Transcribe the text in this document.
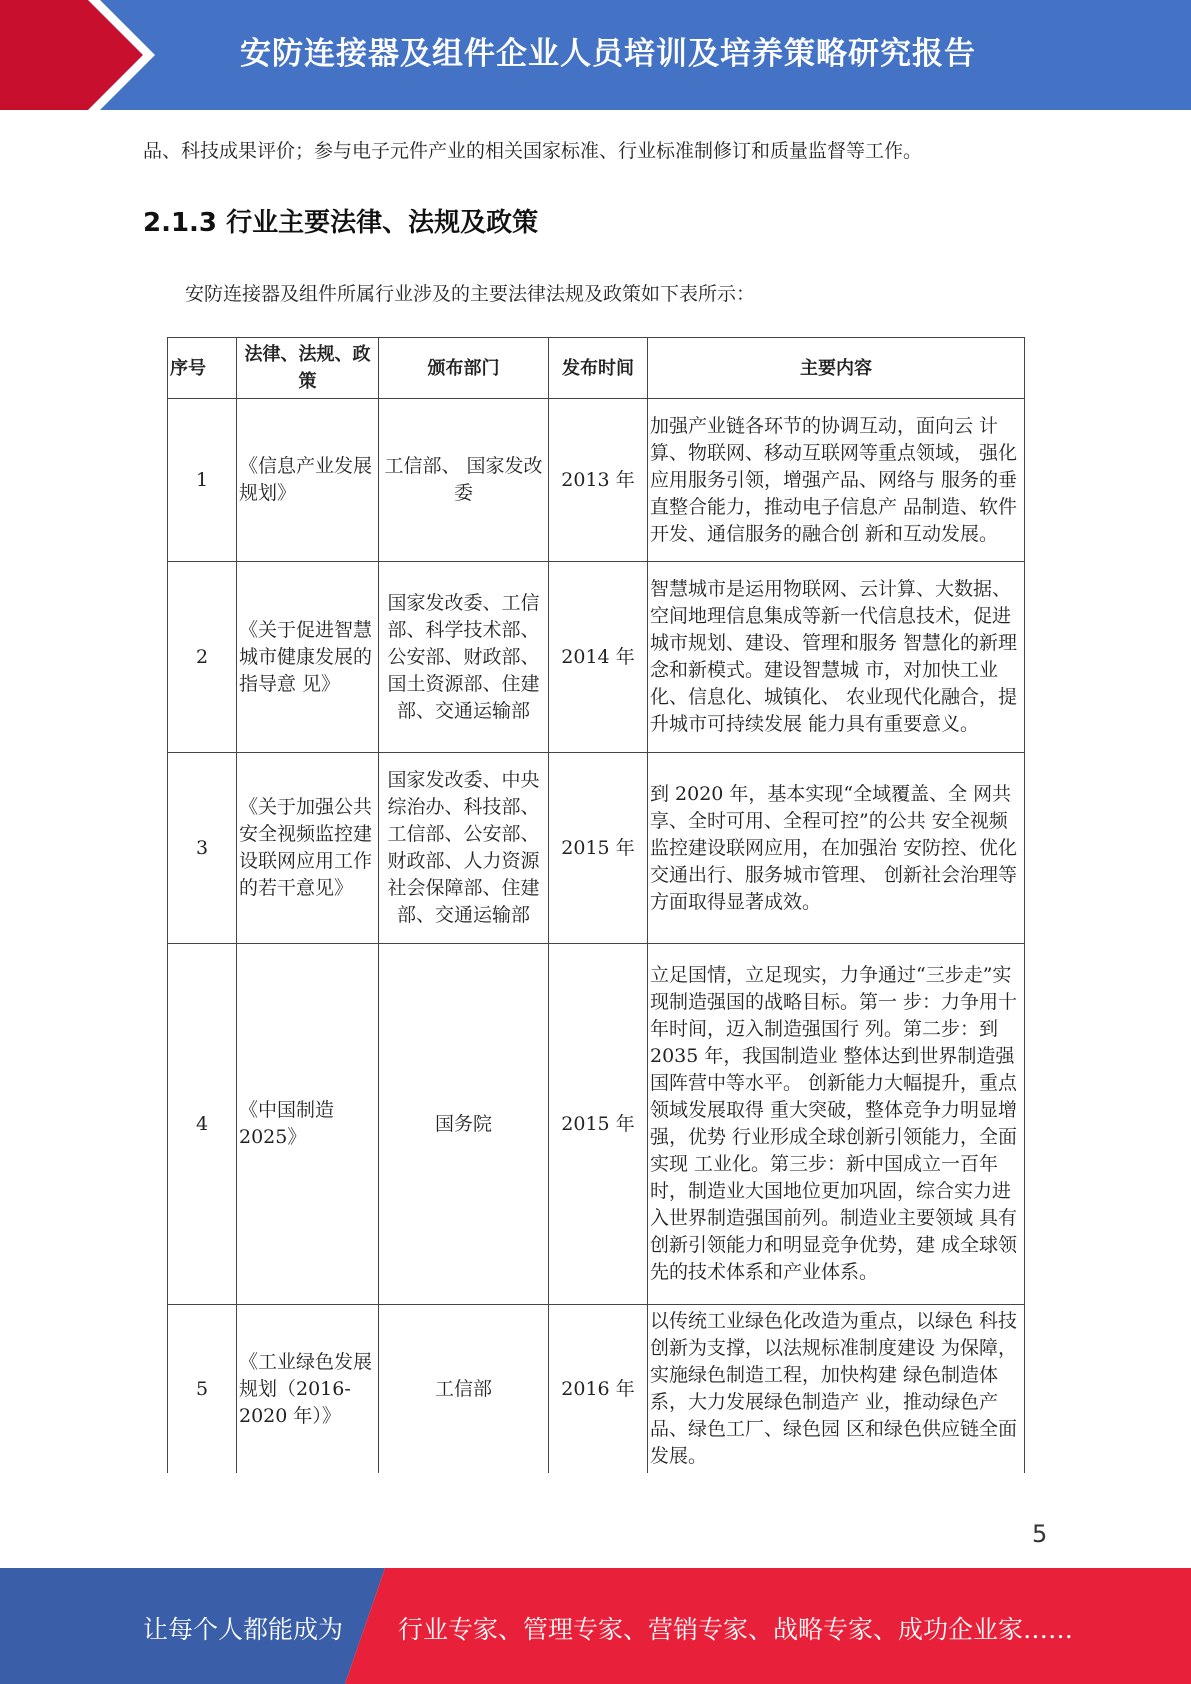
安防连接器及组件企业人员培训及培养策略研究报告
品、科技成果评价；参与电子元件产业的相关国家标准、行业标准制修订和质量监督等工作。
2.1.3 行业主要法律、法规及政策
安防连接器及组件所属行业涉及的主要法律法规及政策如下表所示：
序号	法律、法规、政策	颁布部门	发布时间	主要内容
1	《信息产业发展规划》	工信部、 国家发改委	2013 年	加强产业链各环节的协调互动，面向云 计算、物联网、移动互联网等重点领域， 强化应用服务引领，增强产品、网络与 服务的垂直整合能力，推动电子信息产 品制造、软件开发、通信服务的融合创 新和互动发展。
2	《关于促进智慧城市健康发展的指导意 见》	国家发改委、工信部、科学技术部、公安部、财政部、国土资源部、住建部、交通运输部	2014 年	智慧城市是运用物联网、云计算、大数据、空间地理信息集成等新一代信息技术，促进城市规划、建设、管理和服务 智慧化的新理念和新模式。建设智慧城 市，对加快工业化、信息化、城镇化、 农业现代化融合，提升城市可持续发展 能力具有重要意义。
3	《关于加强公共安全视频监控建设联网应用工作的若干意见》	国家发改委、中央综治办、科技部、工信部、公安部、财政部、人力资源社会保障部、住建部、交通运输部	2015 年	到 2020 年，基本实现“全域覆盖、全 网共享、全时可用、全程可控”的公共 安全视频监控建设联网应用，在加强治 安防控、优化交通出行、服务城市管理、 创新社会治理等方面取得显著成效。
4	《中国制造 2025》	国务院	2015 年	立足国情，立足现实，力争通过“三步走”实现制造强国的战略目标。第一 步：力争用十年时间，迈入制造强国行 列。第二步：到 2035 年，我国制造业 整体达到世界制造强国阵营中等水平。 创新能力大幅提升，重点领域发展取得 重大突破，整体竞争力明显增强，优势 行业形成全球创新引领能力，全面实现 工业化。第三步：新中国成立一百年时，制造业大国地位更加巩固，综合实力进 入世界制造强国前列。制造业主要领域 具有创新引领能力和明显竞争优势，建 成全球领先的技术体系和产业体系。
5	《工业绿色发展规划（2016-2020 年）》	工信部	2016 年	以传统工业绿色化改造为重点，以绿色 科技创新为支撑，以法规标准制度建设 为保障，实施绿色制造工程，加快构建 绿色制造体系，大力发展绿色制造产 业，推动绿色产品、绿色工厂、绿色园 区和绿色供应链全面发展。
5
让每个人都能成为 行业专家、管理专家、营销专家、战略专家、成功企业家……
